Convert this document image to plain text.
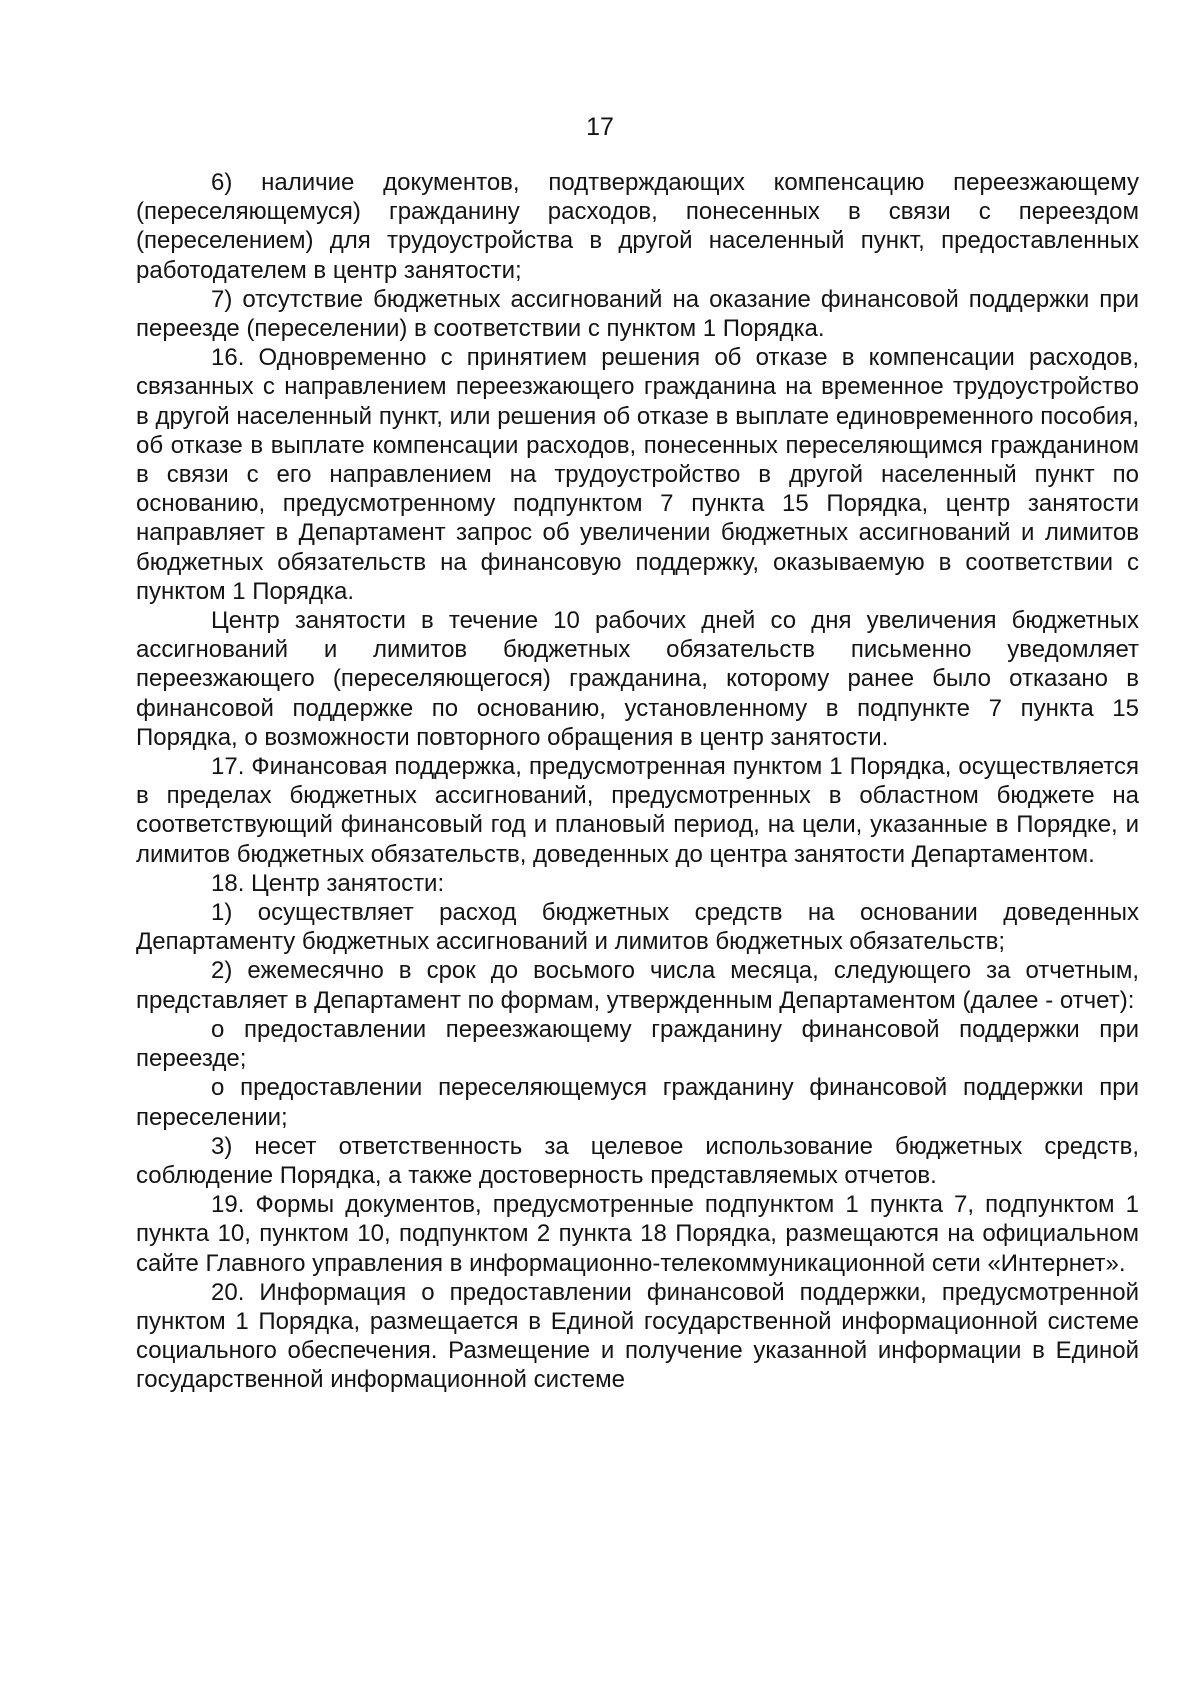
17

6) наличие документов, подтверждающих компенсацию переезжающему (переселяющемуся) гражданину расходов, понесенных в связи с переездом (переселением) для трудоустройства в другой населенный пункт, предоставленных работодателем в центр занятости;

7) отсутствие бюджетных ассигнований на оказание финансовой поддержки при переезде (переселении) в соответствии с пунктом 1 Порядка.

16. Одновременно с принятием решения об отказе в компенсации расходов, связанных с направлением переезжающего гражданина на временное трудоустройство в другой населенный пункт, или решения об отказе в выплате единовременного пособия, об отказе в выплате компенсации расходов, понесенных переселяющимся гражданином в связи с его направлением на трудоустройство в другой населенный пункт по основанию, предусмотренному подпунктом 7 пункта 15 Порядка, центр занятости направляет в Департамент запрос об увеличении бюджетных ассигнований и лимитов бюджетных обязательств на финансовую поддержку, оказываемую в соответствии с пунктом 1 Порядка.

Центр занятости в течение 10 рабочих дней со дня увеличения бюджетных ассигнований и лимитов бюджетных обязательств письменно уведомляет переезжающего (переселяющегося) гражданина, которому ранее было отказано в финансовой поддержке по основанию, установленному в подпункте 7 пункта 15 Порядка, о возможности повторного обращения в центр занятости.

17. Финансовая поддержка, предусмотренная пунктом 1 Порядка, осуществляется в пределах бюджетных ассигнований, предусмотренных в областном бюджете на соответствующий финансовый год и плановый период, на цели, указанные в Порядке, и лимитов бюджетных обязательств, доведенных до центра занятости Департаментом.

18. Центр занятости:

1) осуществляет расход бюджетных средств на основании доведенных Департаменту бюджетных ассигнований и лимитов бюджетных обязательств;

2) ежемесячно в срок до восьмого числа месяца, следующего за отчетным, представляет в Департамент по формам, утвержденным Департаментом (далее - отчет):

о предоставлении переезжающему гражданину финансовой поддержки при переезде;

о предоставлении переселяющемуся гражданину финансовой поддержки при переселении;

3) несет ответственность за целевое использование бюджетных средств, соблюдение Порядка, а также достоверность представляемых отчетов.

19. Формы документов, предусмотренные подпунктом 1 пункта 7, подпунктом 1 пункта 10, пунктом 10, подпунктом 2 пункта 18 Порядка, размещаются на официальном сайте Главного управления в информационно-телекоммуникационной сети «Интернет».

20. Информация о предоставлении финансовой поддержки, предусмотренной пунктом 1 Порядка, размещается в Единой государственной информационной системе социального обеспечения. Размещение и получение указанной информации в Единой государственной информационной системе
